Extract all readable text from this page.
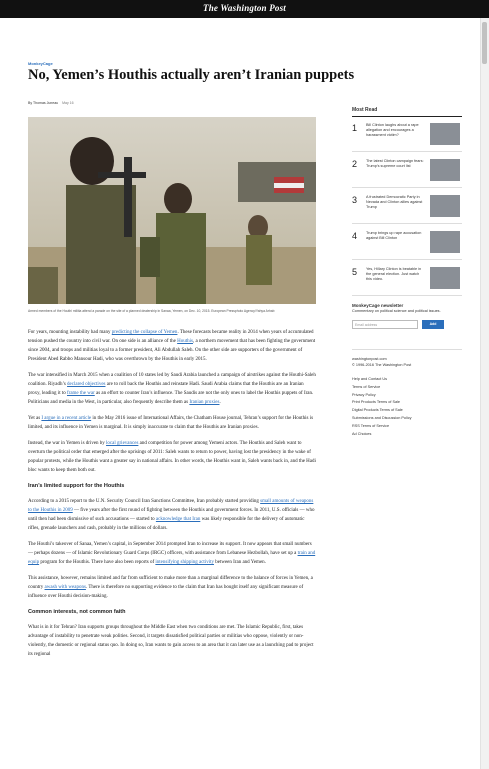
The Washington Post
MonkeyCage
No, Yemen’s Houthis actually aren’t Iranian puppets
By Thomas Juneau May 16
Armed members of the Houthi militia attend a parade on the site of a planned dealership in Sanaa, Yemen, on Dec. 10, 2015. European Pressphoto Agency/Yahya Arhab

For years, mounting instability had many predicting the collapse of Yemen. These forecasts became reality in 2014 when years of accumulated tension pushed the country into civil war. On one side is an alliance of the Houthis, a northern movement that has been fighting the government since 2004, and troops and militias loyal to a former president, Ali Abdullah Saleh. On the other side are supporters of the government of President Abed Rabbo Mansour Hadi, who was overthrown by the Houthis in early 2015.

The war intensified in March 2015 when a coalition of 10 states led by Saudi Arabia launched a campaign of airstrikes against the Houthi-Saleh coalition. Riyadh’s declared objectives are to roll back the Houthis and reinstate Hadi. Saudi Arabia claims that the Houthis are an Iranian proxy, leading it to frame the war as an effort to counter Iran’s influence. The Saudis are not the only ones to label the Houthis puppets of Iran. Politicians and media in the West, in particular, also frequently describe them as Iranian proxies.

Yet as I argue in a recent article in the May 2016 issue of International Affairs, the Chatham House journal, Tehran’s support for the Houthis is limited, and its influence in Yemen is marginal. It is simply inaccurate to claim that the Houthis are Iranian proxies.

Instead, the war in Yemen is driven by local grievances and competition for power among Yemeni actors. The Houthis and Saleh want to overturn the political order that emerged after the uprisings of 2011: Saleh wants to return to power, having lost the presidency in the wake of popular protests, while the Houthis want a greater say in national affairs. In other words, the Houthis want in, Saleh wants back in, and the Hadi bloc wants to keep them both out.

Iran’s limited support for the Houthis

According to a 2015 report to the U.N. Security Council Iran Sanctions Committee, Iran probably started providing small amounts of weapons to the Houthis in 2009 — five years after the first round of fighting between the Houthis and government forces. In 2011, U.S. officials — who until then had been dismissive of such accusations — started to acknowledge that Iran was likely responsible for the delivery of automatic rifles, grenade launchers and cash, probably in the millions of dollars.

The Houthi’s takeover of Sanaa, Yemen’s capital, in September 2014 prompted Iran to increase its support. It now appears that small numbers — perhaps dozens — of Islamic Revolutionary Guard Corps (IRGC) officers, with assistance from Lebanese Hezbollah, have set up a train and equip program for the Houthis. There have also been reports of intensifying shipping activity between Iran and Yemen.

This assistance, however, remains limited and far from sufficient to make more than a marginal difference to the balance of forces in Yemen, a country awash with weapons. There is therefore no supporting evidence to the claim that Iran has bought itself any significant measure of influence over Houthi decision-making.

Common interests, not common faith

What is in it for Tehran? Iran supports groups throughout the Middle East when two conditions are met. The Islamic Republic, first, takes advantage of instability to penetrate weak polities. Second, it targets dissatisfied political parties or militias who oppose, violently or non-violently, the domestic or regional status quo. In doing so, Iran wants to gain access to an area that it can later use as a launching pad to project its regional

Most Read
1	Bill Clinton laughs about a rape allegation and encourages a harassment victim?
2	The latest Clinton campaign fears: Trump’s supreme court list
3	A frustrated Democratic Party in Nevada and Clinton allies against Trump
4	Trump brings up rape accusation against Bill Clinton
5	Yes, Hillary Clinton is beatable in the general election. Just watch this video.
MonkeyCage newsletter
Commentary on political science and political issues.
Email address	Add
washingtonpost.com
© 1996-2016 The Washington Post
Help and Contact Us
Terms of Service
Privacy Policy
Print Products Terms of Sale
Digital Products Terms of Sale
Submissions and Discussion Policy
RSS Terms of Service
Ad Choices
